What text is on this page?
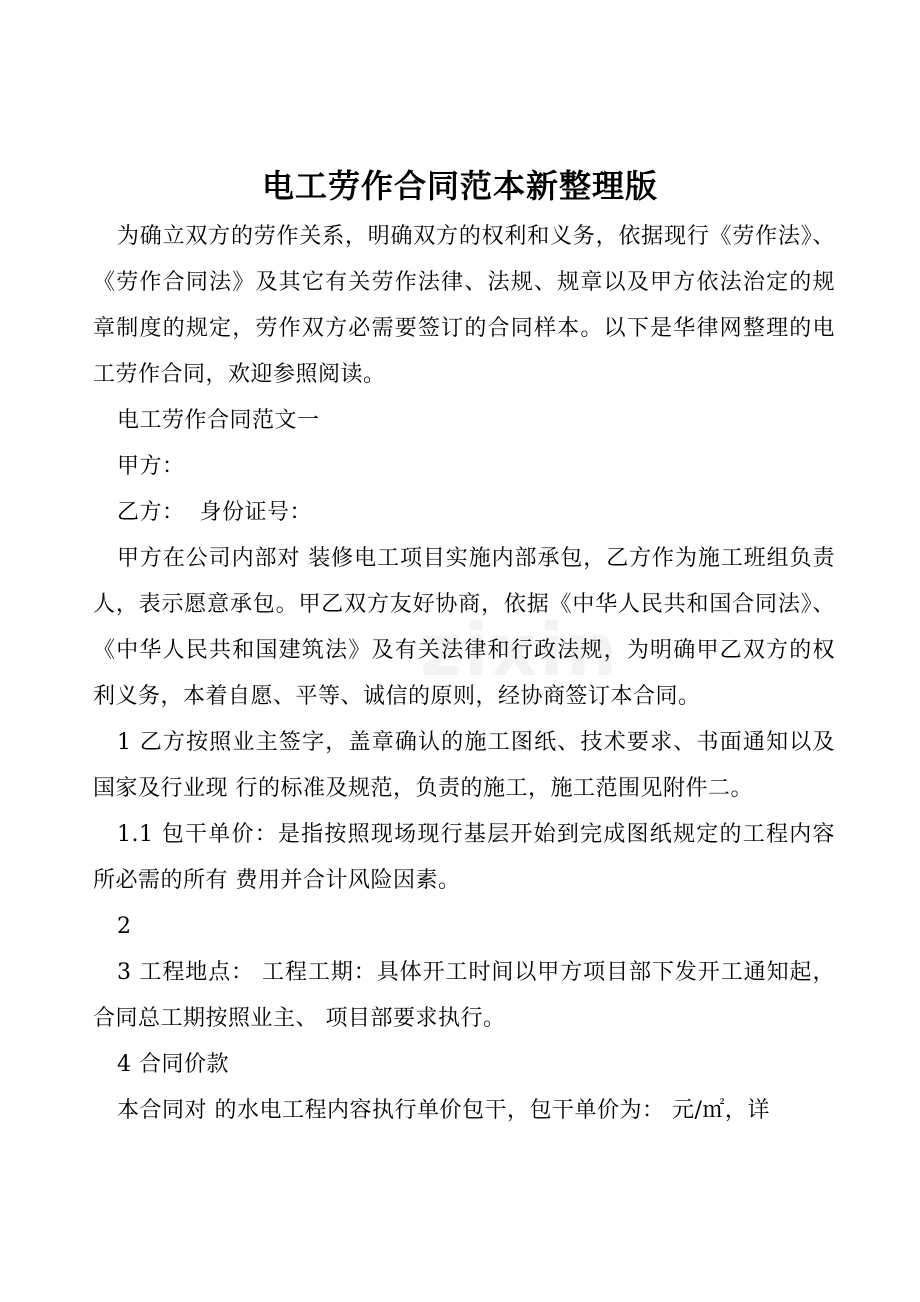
zixin
电工劳作合同范本新整理版

为确立双方的劳作关系，明确双方的权利和义务，依据现行《劳作法》、《劳作合同法》及其它有关劳作法律、法规、规章以及甲方依法治定的规章制度的规定，劳作双方必需要签订的合同样本。以下是华律网整理的电工劳作合同，欢迎参照阅读。

电工劳作合同范文一

甲方：

乙方：  身份证号：

甲方在公司内部对 装修电工项目实施内部承包，乙方作为施工班组负责人，表示愿意承包。甲乙双方友好协商，依据《中华人民共和国合同法》、《中华人民共和国建筑法》及有关法律和行政法规，为明确甲乙双方的权利义务，本着自愿、平等、诚信的原则，经协商签订本合同。

1 乙方按照业主签字，盖章确认的施工图纸、技术要求、书面通知以及国家及行业现 行的标准及规范，负责的施工，施工范围见附件二。

1.1 包干单价：是指按照现场现行基层开始到完成图纸规定的工程内容所必需的所有 费用并合计风险因素。

2

3 工程地点： 工程工期：具体开工时间以甲方项目部下发开工通知起，合同总工期按照业主、 项目部要求执行。

4 合同价款

本合同对 的水电工程内容执行单价包干，包干单价为： 元/㎡，详
